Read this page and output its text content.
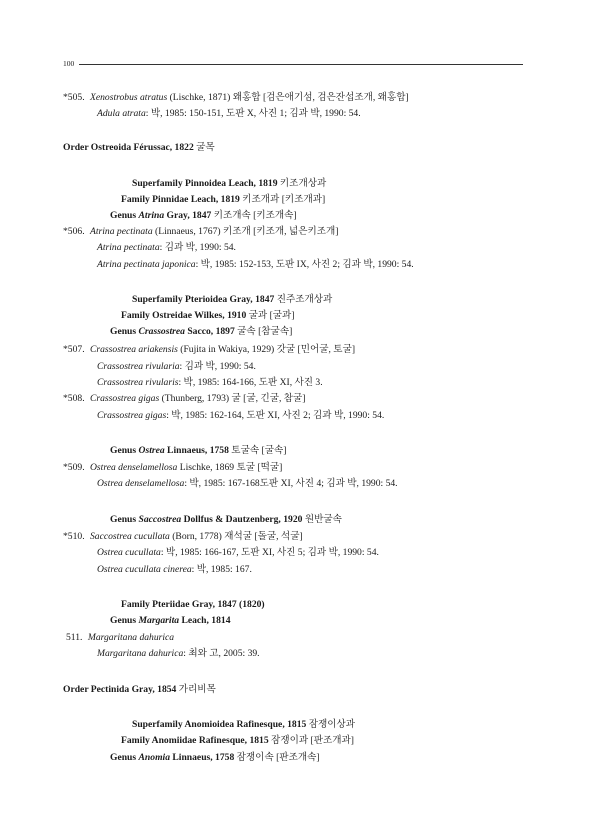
100
*505. Xenostrobus atratus (Lischke, 1871) 왜홍합 [검은애기섬, 검은잔섭조개, 왜홍합]
Adula atrata: 박, 1985: 150-151, 도판 X, 사진 1; 김과 박, 1990: 54.
Order Ostreoida Férussac, 1822 굴목
Superfamily Pinnoidea Leach, 1819 키조개상과
Family Pinnidae Leach, 1819 키조개과 [키조개과]
Genus Atrina Gray, 1847 키조개속 [키조개속]
*506. Atrina pectinata (Linnaeus, 1767) 키조개 [키조개, 넓은키조개]
Atrina pectinata: 김과 박, 1990: 54.
Atrina pectinata japonica: 박, 1985: 152-153, 도판 IX, 사진 2; 김과 박, 1990: 54.
Superfamily Pterioidea Gray, 1847 진주조개상과
Family Ostreidae Wilkes, 1910 굴과 [굴과]
Genus Crassostrea Sacco, 1897 굴속 [참굴속]
*507. Crassostrea ariakensis (Fujita in Wakiya, 1929) 갓굴 [민어굴, 토굴]
Crassostrea rivularia: 김과 박, 1990: 54.
Crassostrea rivularis: 박, 1985: 164-166, 도판 XI, 사진 3.
*508. Crassostrea gigas (Thunberg, 1793) 굴 [굴, 긴굴, 참굴]
Crassostrea gigas: 박, 1985: 162-164, 도판 XI, 사진 2; 김과 박, 1990: 54.
Genus Ostrea Linnaeus, 1758 토굴속 [굴속]
*509. Ostrea denselamellosa Lischke, 1869 토굴 [떡굴]
Ostrea denselamellosa: 박, 1985: 167-168도판 XI, 사진 4; 김과 박, 1990: 54.
Genus Saccostrea Dollfus & Dautzenberg, 1920 원반굴속
*510. Saccostrea cucullata (Born, 1778) 재석굴 [돌굴, 석굴]
Ostrea cucullata: 박, 1985: 166-167, 도판 XI, 사진 5; 김과 박, 1990: 54.
Ostrea cucullata cinerea: 박, 1985: 167.
Family Pteriidae Gray, 1847 (1820)
Genus Margarita Leach, 1814
511. Margaritana dahurica
Margaritana dahurica: 최와 고, 2005: 39.
Order Pectinida Gray, 1854 가리비목
Superfamily Anomioidea Rafinesque, 1815 잠쟁이상과
Family Anomiidae Rafinesque, 1815 잠쟁이과 [판조개과]
Genus Anomia Linnaeus, 1758 잠쟁이속 [판조개속]
